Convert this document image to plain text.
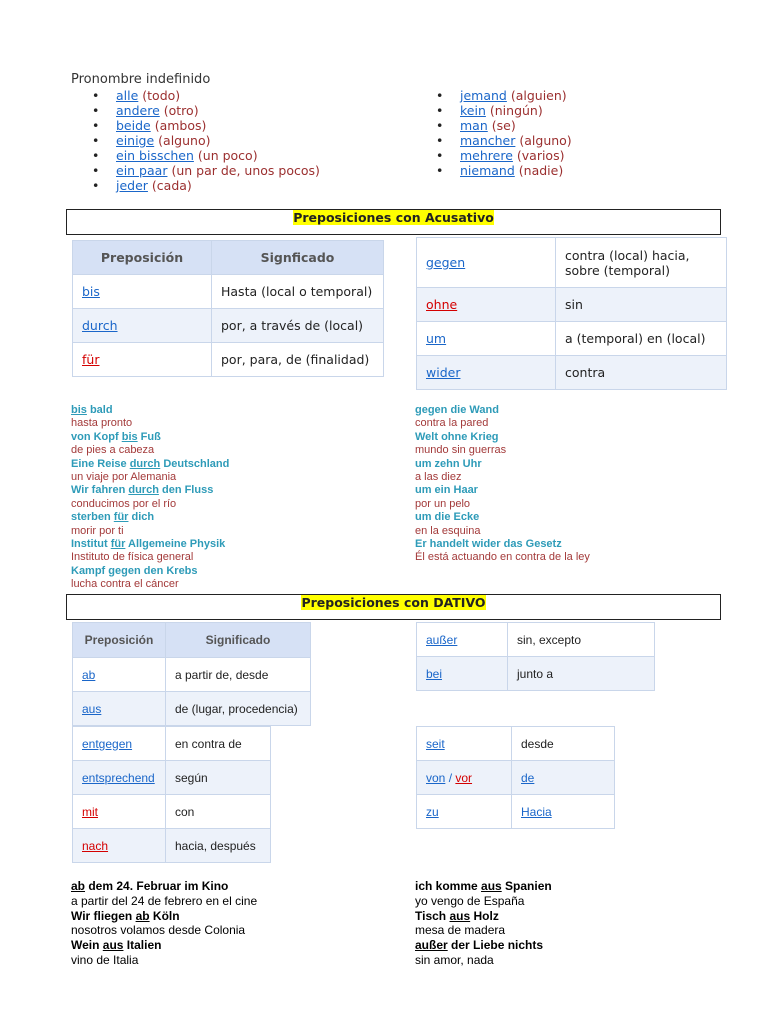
Pronombre indefinido
• alle (todo)
• andere (otro)
• beide (ambos)
• einige (alguno)
• ein bisschen (un poco)
• ein paar (un par de, unos pocos)
• jeder (cada)
• jemand (alguien)
• kein (ningún)
• man (se)
• mancher (alguno)
• mehrere (varios)
• niemand (nadie)
Preposiciones con Acusativo
Preposición	Signficado
bis	Hasta (local o temporal)
durch	por, a través de (local)
für	por, para, de (finalidad)
gegen	contra (local) hacia, sobre (temporal)
ohne	sin
um	a (temporal) en (local)
wider	contra
bis bald
hasta pronto
von Kopf bis Fuß
de pies a cabeza
Eine Reise durch Deutschland
un viaje por Alemania
Wir fahren durch den Fluss
conducimos por el río
sterben für dich
morir por ti
Institut für Allgemeine Physik
Instituto de física general
Kampf gegen den Krebs
lucha contra el cáncer
gegen die Wand
contra la pared
Welt ohne Krieg
mundo sin guerras
um zehn Uhr
a las diez
um ein Haar
por un pelo
um die Ecke
en la esquina
Er handelt wider das Gesetz
Él está actuando en contra de la ley
Preposiciones con DATIVO
Preposición	Significado
ab	a partir de, desde
aus	de (lugar, procedencia)
außer	sin, excepto
bei	junto a
entgegen	en contra de
entsprechend	según
mit	con
nach	hacia, después
seit	desde
von / vor	de
zu	Hacia
ab dem 24. Februar im Kino
a partir del 24 de febrero en el cine
Wir fliegen ab Köln
nosotros volamos desde Colonia
Wein aus Italien
vino de Italia
ich komme aus Spanien
yo vengo de España
Tisch aus Holz
mesa de madera
außer der Liebe nichts
sin amor, nada
